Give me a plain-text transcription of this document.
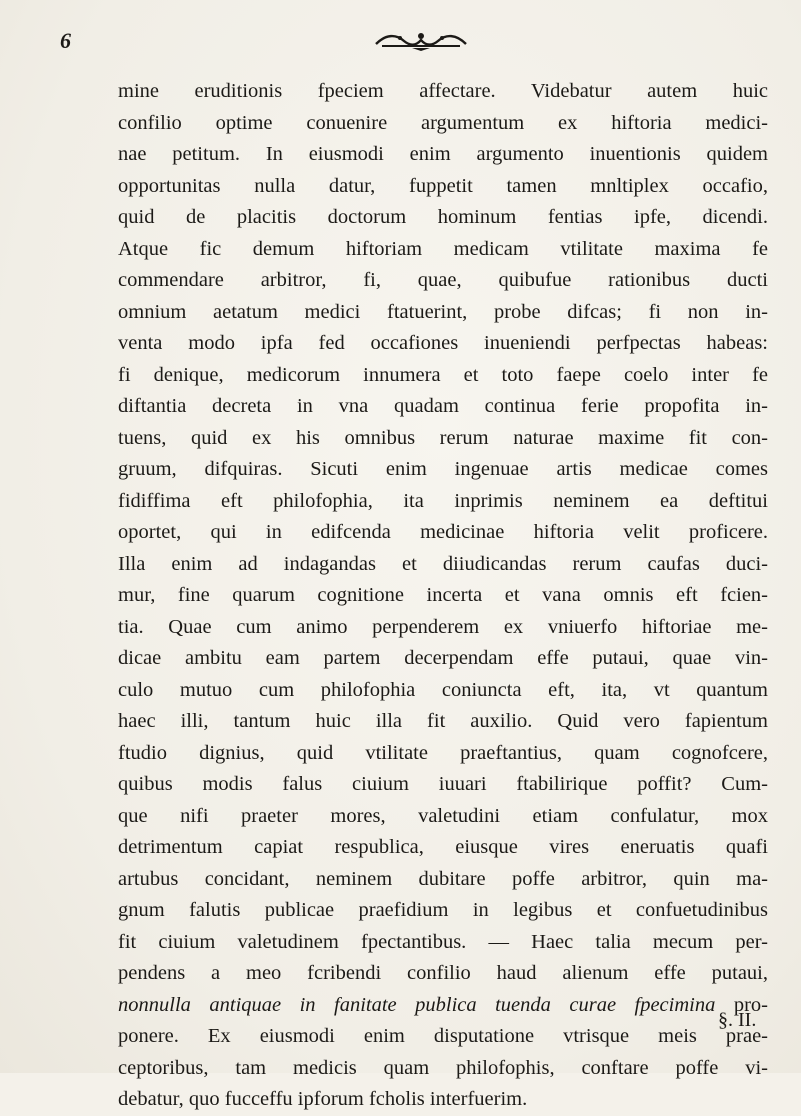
6
mine eruditionis fpeciem affectare. Videbatur autem huic
confilio optime conuenire argumentum ex hiftoria medici-
nae petitum. In eiusmodi enim argumento inuentionis quidem
opportunitas nulla datur, fuppetit tamen mnltiplex occafio,
quid de placitis doctorum hominum fentias ipfe, dicendi.
Atque fic demum hiftoriam medicam vtilitate maxima fe
commendare arbitror, fi, quae, quibufue rationibus ducti
omnium aetatum medici ftatuerint, probe difcas; fi non in-
venta modo ipfa fed occafiones inueniendi perfpectas habeas:
fi denique, medicorum innumera et toto faepe coelo inter fe
diftantia decreta in vna quadam continua ferie propofita in-
tuens, quid ex his omnibus rerum naturae maxime fit con-
gruum, difquiras. Sicuti enim ingenuae artis medicae comes
fidiffima eft philofophia, ita inprimis neminem ea deftitui
oportet, qui in edifcenda medicinae hiftoria velit proficere.
Illa enim ad indagandas et diiudicandas rerum caufas duci-
mur, fine quarum cognitione incerta et vana omnis eft fcien-
tia. Quae cum animo perpenderem ex vniuerfo hiftoriae me-
dicae ambitu eam partem decerpendam effe putaui, quae vin-
culo mutuo cum philofophia coniuncta eft, ita, vt quantum
haec illi, tantum huic illa fit auxilio. Quid vero fapientum
ftudio dignius, quid vtilitate praeftantius, quam cognofcere,
quibus modis falus ciuium iuuari ftabilirique poffit? Cum-
que nifi praeter mores, valetudini etiam confulatur, mox
detrimentum capiat respublica, eiusque vires eneruatis quafi
artubus concidant, neminem dubitare poffe arbitror, quin ma-
gnum falutis publicae praefidium in legibus et confuetudinibus
fit ciuium valetudinem fpectantibus. — Haec talia mecum per-
pendens a meo fcribendi confilio haud alienum effe putaui,
nonnulla antiquae in fanitate publica tuenda curae fpecimina pro-
ponere. Ex eiusmodi enim disputatione vtrisque meis prae-
ceptoribus, tam medicis quam philofophis, conftare poffe vi-
debatur, quo fucceffu ipforum fcholis interfuerim.
§. II.
